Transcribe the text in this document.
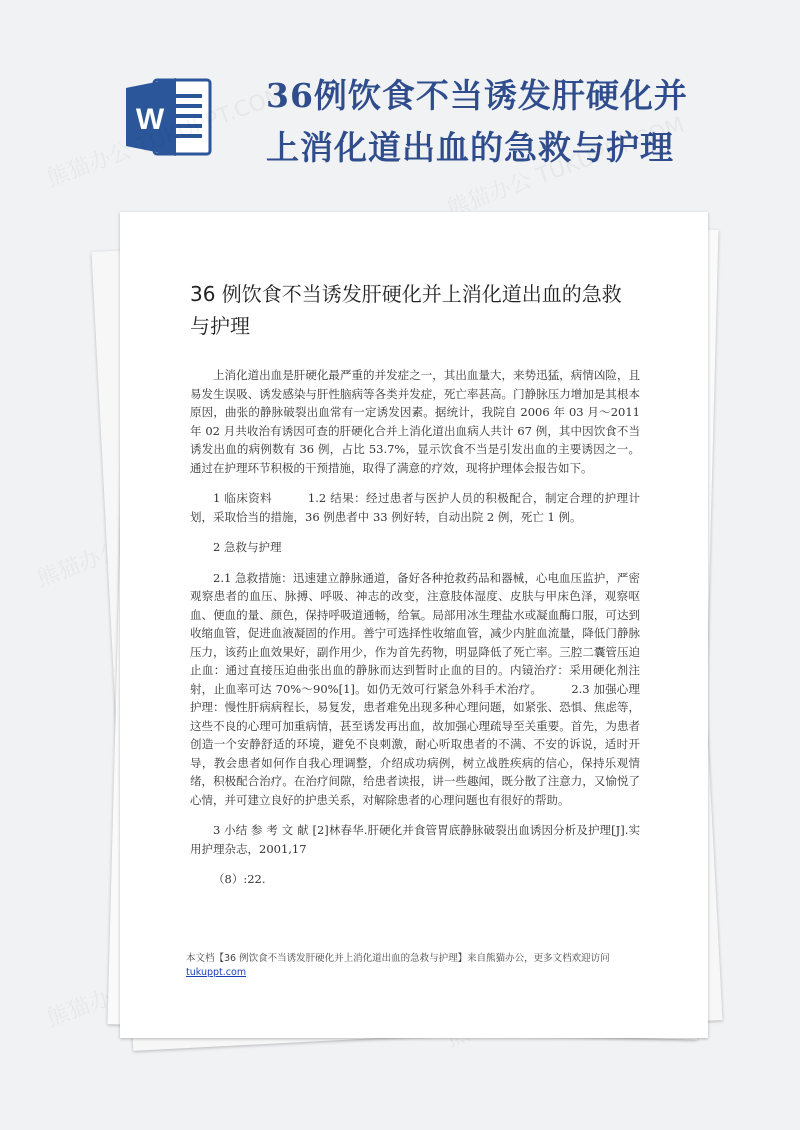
W
36例饮食不当诱发肝硬化并
上消化道出血的急救与护理
36 例饮食不当诱发肝硬化并上消化道出血的急救与护理

上消化道出血是肝硬化最严重的并发症之一，其出血量大，来势迅猛，病情凶险，且易发生误吸、诱发感染与肝性脑病等各类并发症，死亡率甚高。门静脉压力增加是其根本原因，曲张的静脉破裂出血常有一定诱发因素。据统计，我院自 2006 年 03 月～2011 年 02 月共收治有诱因可查的肝硬化合并上消化道出血病人共计 67 例，其中因饮食不当诱发出血的病例数有 36 例，占比 53.7%，显示饮食不当是引发出血的主要诱因之一。通过在护理环节积极的干预措施，取得了满意的疗效，现将护理体会报告如下。

1 临床资料　　　1.2 结果：经过患者与医护人员的积极配合，制定合理的护理计划，采取恰当的措施，36 例患者中 33 例好转，自动出院 2 例，死亡 1 例。

2 急救与护理

2.1 急救措施：迅速建立静脉通道，备好各种抢救药品和器械，心电血压监护，严密观察患者的血压、脉搏、呼吸、神志的改变，注意肢体湿度、皮肤与甲床色泽，观察呕血、便血的量、颜色，保持呼吸道通畅，给氧。局部用冰生理盐水或凝血酶口服，可达到收缩血管，促进血液凝固的作用。善宁可选择性收缩血管，减少内脏血流量，降低门静脉压力，该药止血效果好，副作用少，作为首先药物，明显降低了死亡率。三腔二囊管压迫止血：通过直接压迫曲张出血的静脉而达到暂时止血的目的。内镜治疗：采用硬化剂注射，止血率可达 70%～90%[1]。如仍无效可行紧急外科手术治疗。　　　2.3 加强心理护理：慢性肝病病程长，易复发，患者难免出现多种心理问题，如紧张、恐惧、焦虑等，这些不良的心理可加重病情，甚至诱发再出血，故加强心理疏导至关重要。首先，为患者创造一个安静舒适的环境，避免不良刺激，耐心听取患者的不满、不安的诉说，适时开导，教会患者如何作自我心理调整，介绍成功病例，树立战胜疾病的信心，保持乐观情绪，积极配合治疗。在治疗间隙，给患者读报，讲一些趣闻，既分散了注意力，又愉悦了心情，并可建立良好的护患关系，对解除患者的心理问题也有很好的帮助。

3 小结 参 考 文 献 [2]林春华.肝硬化并食管胃底静脉破裂出血诱因分析及护理[J].实用护理杂志，2001,17

（8）:22.

本文档【36 例饮食不当诱发肝硬化并上消化道出血的急救与护理】来自熊猫办公，更多文档欢迎访问
tukuppt.com
